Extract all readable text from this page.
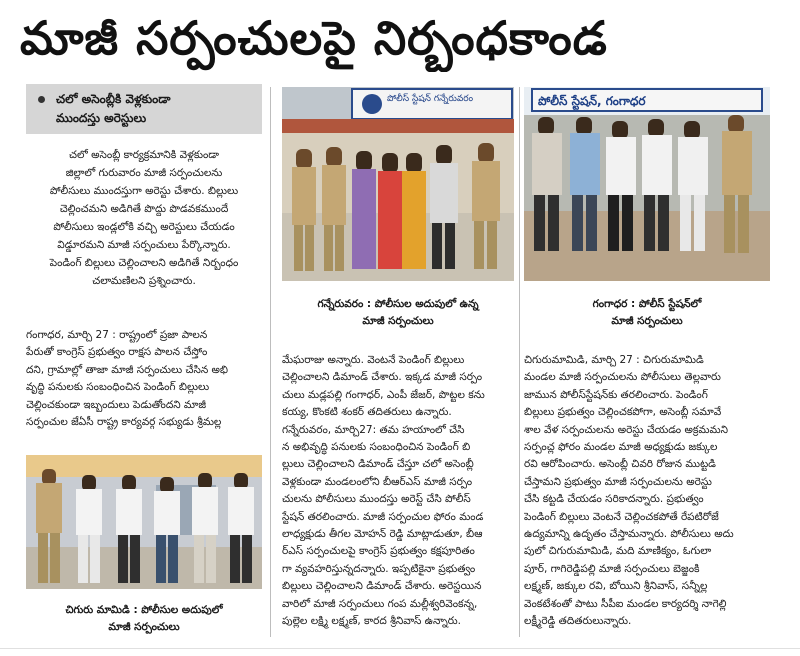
మాజీ సర్పంచులపై నిర్బంధకాండ
చలో అసెంబ్లీకి వెళ్లకుండా
ముందస్తు అరెస్టులు
చలో అసెంబ్లీ కార్యక్రమానికి వెళ్లకుండా
జిల్లాలో గురువారం మాజీ సర్పంచులను
పోలీసులు ముందస్తుగా అరెస్టు చేశారు. బిల్లులు
చెల్లించమని అడిగితే పొద్దు పొడవకముందే
పోలీసులు ఇండ్లలోకి వచ్చి అరెస్టులు చేయడం
విడ్డూరమని మాజీ సర్పంచులు పేర్కొన్నారు.
పెండింగ్ బిల్లులు చెల్లించాలని అడిగితే నిర్బంధం
చలామణిలని ప్రశ్నించారు.
పోలీస్ స్టేషన్ గన్నేరువరం	పోలీస్ స్టేషన్, గంగాధర
గన్నేరువరం : పోలీసుల అదుపులో ఉన్న
మాజీ సర్పంచులు
గంగాధర : పోలీస్ స్టేషన్‌లో
మాజీ సర్పంచులు
చిగురు మామిడి : పోలీసుల అదుపులో
మాజీ సర్పంచులు
గంగాధర, మార్చి 27 : రాష్ట్రంలో ప్రజా పాలన
పేరుతో కాంగ్రెస్ ప్రభుత్వం రాక్షస పాలన చేస్తోం
దని, గ్రామాల్లో తాజా మాజీ సర్పంచులు చేసిన అభి
వృద్ధి పనులకు సంబంధించిన పెండింగ్ బిల్లులు
చెల్లించకుండా ఇబ్బందులు పెడుతోందని మాజీ
సర్పంచుల జేఏసీ రాష్ట్ర కార్యవర్గ సభ్యుడు శ్రీమల్ల
మేఘరాజు అన్నారు. వెంటనే పెండింగ్ బిల్లులు
చెల్లించాలని డిమాండ్ చేశారు. ఇక్కడ మాజీ సర్పం
చులు మడ్లపల్లి గంగాధర్, ఎంపీ జేజర్, పొట్టల కను
కయ్య, కొంకటి శంకర్ తదితరులు ఉన్నారు.
గన్నేరువరం, మార్చి27: తమ హయాంలో చేసి
న అభివృద్ధి పనులకు సంబంధించిన పెండింగ్ బి
ల్లులు చెల్లించాలని డిమాండ్ చేస్తూ చలో అసెంబ్లీ
వెళ్లకుండా మండలంలోని బీఆర్ఎస్ మాజీ సర్పం
చులను పోలీసులు ముందస్తు అరెస్ట్ చేసి పోలీస్
స్టేషన్ తరలించారు. మాజీ సర్పంచుల ఫోరం మండ
లాధ్యక్షుడు తీగల మోహన్ రెడ్డి మాట్లాడుతూ, బీఆ
ర్ఎస్ సర్పంచులపై కాంగ్రెస్ ప్రభుత్వం కక్షపూరితం
గా వ్యవహరిస్తున్నదన్నారు. ఇప్పటికైనా ప్రభుత్వం
బిల్లులు చెల్లించాలని డిమాండ్ చేశారు. అరెస్టయిన
వారిలో మాజీ సర్పంచులు గంప మల్లీశ్వరివెంకన్న,
పుల్లెల లక్ష్మి లక్ష్మణ్, కారద శ్రీనివాస్ ఉన్నారు.
చిగురుమామిడి, మార్చి 27 : చిగురుమామిడి
మండల మాజీ సర్పంచులను పోలీసులు తెల్లవారు
జామున పోలీస్‌స్టేషన్‌కు తరలించారు. పెండింగ్
బిల్లులు ప్రభుత్వం చెల్లించకపోగా, అసెంబ్లీ సమావే
శాల వేళ సర్పంచులను అరెస్టు చేయడం అక్రమమని
సర్పంచ్ల ఫోరం మండల మాజీ అధ్యక్షుడు జక్కుల
రవి ఆరోపించారు. అసెంబ్లీ చివరి రోజున ముట్టడి
చేస్తామని ప్రభుత్వం మాజీ సర్పంచులను అరెస్టు
చేసి కట్టడి చేయడం సరికాదన్నారు. ప్రభుత్వం
పెండింగ్ బిల్లులు వెంటనే చెల్లించకపోతే రేపటిరోజే
ఉద్యమాన్ని ఉదృతం చేస్తామన్నారు. పోలీసులు అదు
పులో చిగురుమామిడి, మది మాణిక్యం, ఓగులా
పూర్, గాగిరెడ్డిపల్లి మాజీ సర్పంచులు బెజ్జంకి
లక్ష్మణ్, జక్కుల రవి, బోయిని శ్రీనివాస్, సన్నీల్ల
వెంకటేశంతో పాటు సీపీఐ మండల కార్యదర్శి నాగెల్లి
లక్ష్మీరెడ్డి తదితరులున్నారు.
